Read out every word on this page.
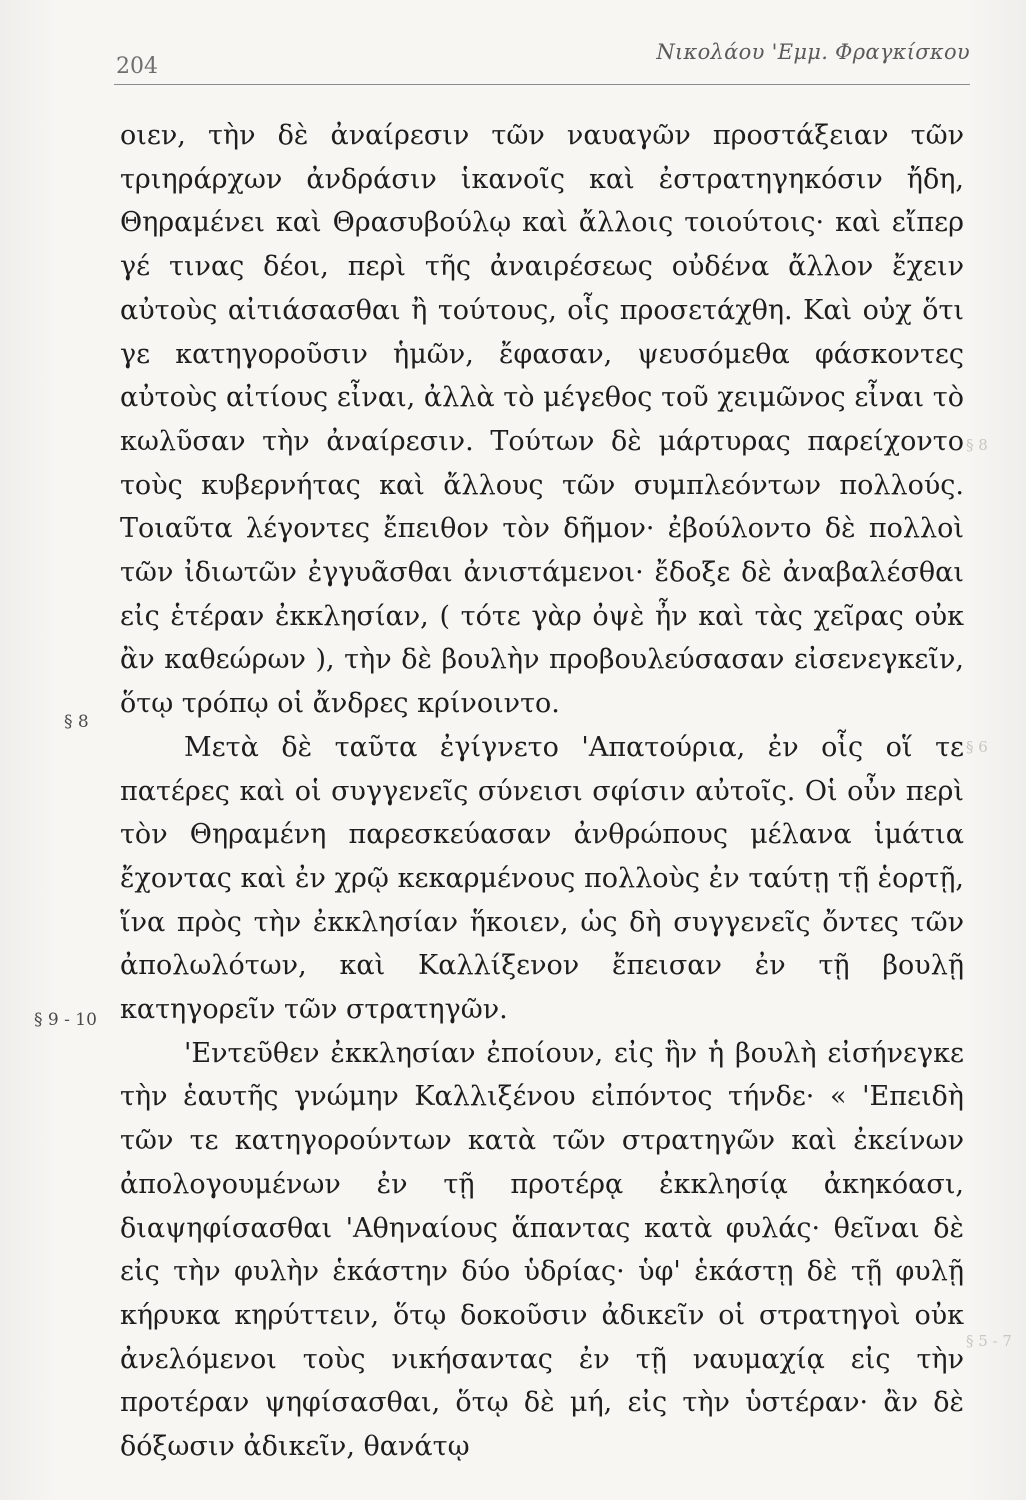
204
Νικολάου 'Εμμ. Φραγκίσκου

οιεν, τὴν δὲ ἀναίρεσιν τῶν ναυαγῶν προστάξειαν τῶν τριηράρχων ἀνδράσιν ἱκανοῖς καὶ ἐστρατηγηκόσιν ἤδη, Θηραμένει καὶ Θρασυβούλῳ καὶ ἄλλοις τοιούτοις· καὶ εἴπερ γέ τινας δέοι, περὶ τῆς ἀναιρέσεως οὐδένα ἄλλον ἔχειν αὐτοὺς αἰτιάσασθαι ἢ τούτους, οἷς προσετάχθη. Καὶ οὐχ ὅτι γε κατηγοροῦσιν ἡμῶν, ἔφασαν, ψευσόμεθα φάσκοντες αὐτοὺς αἰτίους εἶναι, ἀλλὰ τὸ μέγεθος τοῦ χειμῶνος εἶναι τὸ κωλῦσαν τὴν ἀναίρεσιν. Τούτων δὲ μάρτυρας παρείχοντο τοὺς κυβερνήτας καὶ ἄλλους τῶν συμπλεόντων πολλούς. Τοιαῦτα λέγοντες ἔπειθον τὸν δῆμον· ἐβούλοντο δὲ πολλοὶ τῶν ἰδιωτῶν ἐγγυᾶσθαι ἀνιστάμενοι· ἔδοξε δὲ ἀναβαλέσθαι εἰς ἑτέραν ἐκκλησίαν, ( τότε γὰρ ὀψὲ ἦν καὶ τὰς χεῖρας οὐκ ἂν καθεώρων ), τὴν δὲ βουλὴν προβουλεύσασαν εἰσενεγκεῖν, ὅτῳ τρόπῳ οἱ ἄνδρες κρίνοιντο.

Μετὰ δὲ ταῦτα ἐγίγνετο 'Απατούρια, ἐν οἷς οἵ τε πατέρες καὶ οἱ συγγενεῖς σύνεισι σφίσιν αὐτοῖς. Οἱ οὖν περὶ τὸν Θηραμένη παρεσκεύασαν ἀνθρώπους μέλανα ἱμάτια ἔχοντας καὶ ἐν χρῷ κεκαρμένους πολλοὺς ἐν ταύτῃ τῇ ἑορτῇ, ἵνα πρὸς τὴν ἐκκλησίαν ἥκοιεν, ὡς δὴ συγγενεῖς ὄντες τῶν ἀπολωλότων, καὶ Καλλίξενον ἔπεισαν ἐν τῇ βουλῇ κατηγορεῖν τῶν στρατηγῶν.

'Εντεῦθεν ἐκκλησίαν ἐποίουν, εἰς ἣν ἡ βουλὴ εἰσήνεγκε τὴν ἑαυτῆς γνώμην Καλλιξένου εἰπόντος τήνδε· « 'Επειδὴ τῶν τε κατηγορούντων κατὰ τῶν στρατηγῶν καὶ ἐκείνων ἀπολογουμένων ἐν τῇ προτέρᾳ ἐκκλησίᾳ ἀκηκόασι, διαψηφίσασθαι 'Αθηναίους ἅπαντας κατὰ φυλάς· θεῖναι δὲ εἰς τὴν φυλὴν ἑκάστην δύο ὑδρίας· ὑφ' ἑκάστῃ δὲ τῇ φυλῇ κήρυκα κηρύττειν, ὅτῳ δοκοῦσιν ἀδικεῖν οἱ στρατηγοὶ οὐκ ἀνελόμενοι τοὺς νικήσαντας ἐν τῇ ναυμαχίᾳ εἰς τὴν προτέραν ψηφίσασθαι, ὅτῳ δὲ μή, εἰς τὴν ὑστέραν· ἂν δὲ δόξωσιν ἀδικεῖν, θανάτῳ

§ 8
§ 9 - 10
§ 8
§ 6
§ 5 - 7
